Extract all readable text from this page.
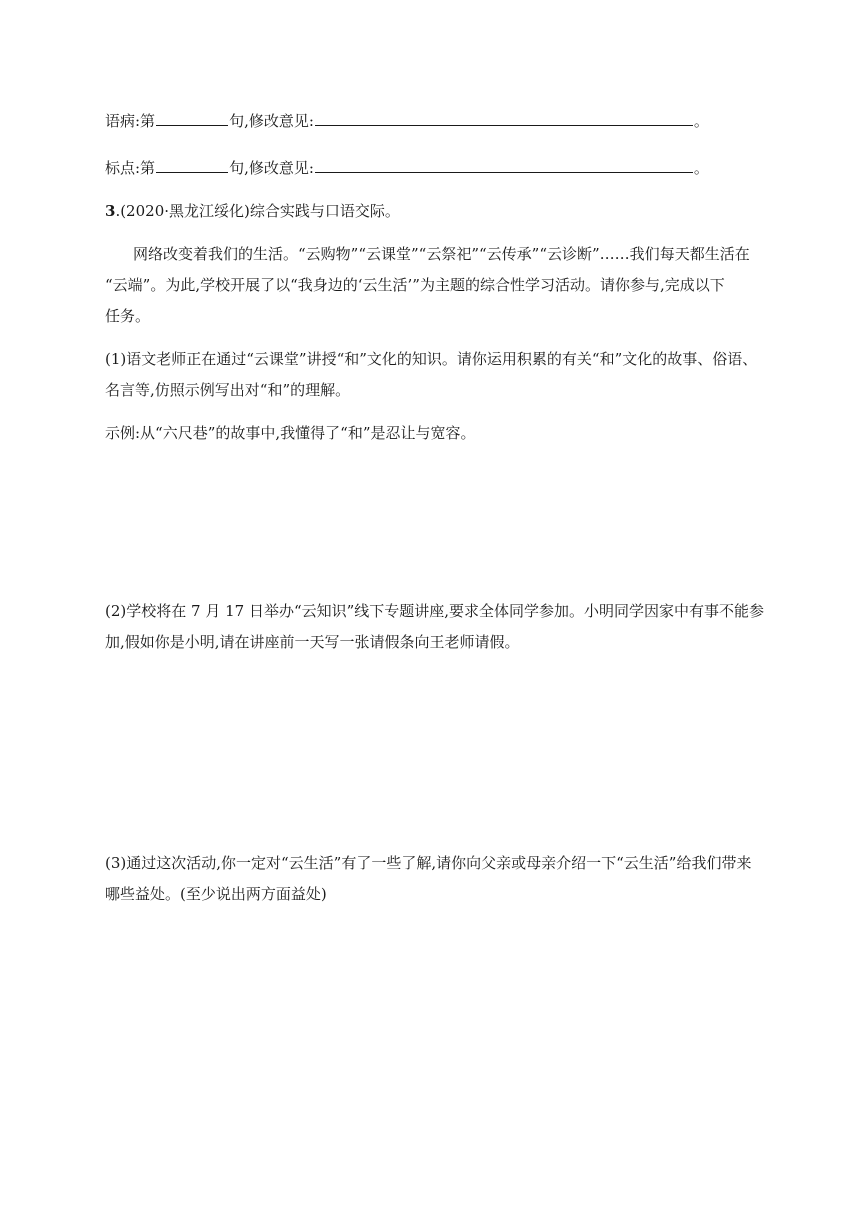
语病:第	句,修改意见:	。
标点:第	句,修改意见:	。
3.(2020·黑龙江绥化)综合实践与口语交际。
网络改变着我们的生活。“云购物”“云课堂”“云祭祀”“云传承”“云诊断”……我们每天都生活在
“云端”。为此,学校开展了以“我身边的‘云生活’”为主题的综合性学习活动。请你参与,完成以下
任务。
(1)语文老师正在通过“云课堂”讲授“和”文化的知识。请你运用积累的有关“和”文化的故事、俗语、
名言等,仿照示例写出对“和”的理解。
示例:从“六尺巷”的故事中,我懂得了“和”是忍让与宽容。
(2)学校将在 7 月 17 日举办“云知识”线下专题讲座,要求全体同学参加。小明同学因家中有事不能参
加,假如你是小明,请在讲座前一天写一张请假条向王老师请假。
(3)通过这次活动,你一定对“云生活”有了一些了解,请你向父亲或母亲介绍一下“云生活”给我们带来
哪些益处。(至少说出两方面益处)
